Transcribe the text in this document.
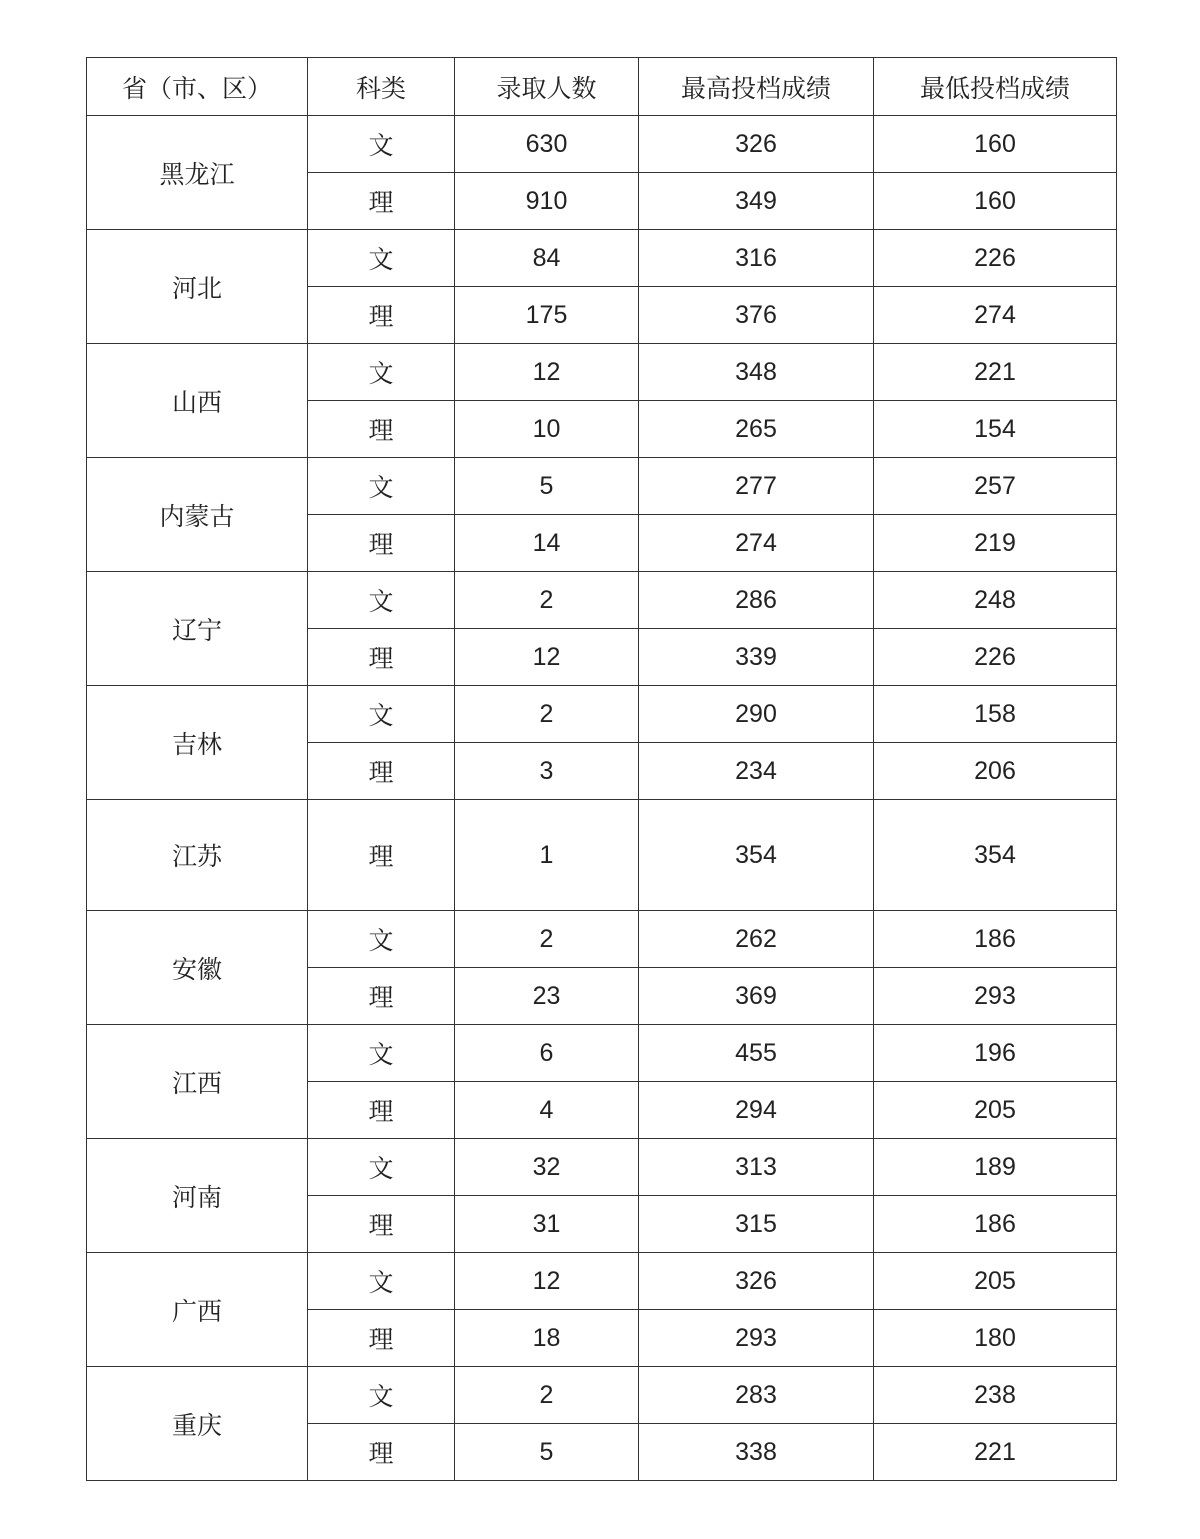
省（市、区）	科类	录取人数	最高投档成绩	最低投档成绩
黑龙江	文	630	326	160
	理	910	349	160
河北	文	84	316	226
	理	175	376	274
山西	文	12	348	221
	理	10	265	154
内蒙古	文	5	277	257
	理	14	274	219
辽宁	文	2	286	248
	理	12	339	226
吉林	文	2	290	158
	理	3	234	206
江苏	理	1	354	354
安徽	文	2	262	186
	理	23	369	293
江西	文	6	455	196
	理	4	294	205
河南	文	32	313	189
	理	31	315	186
广西	文	12	326	205
	理	18	293	180
重庆	文	2	283	238
	理	5	338	221
